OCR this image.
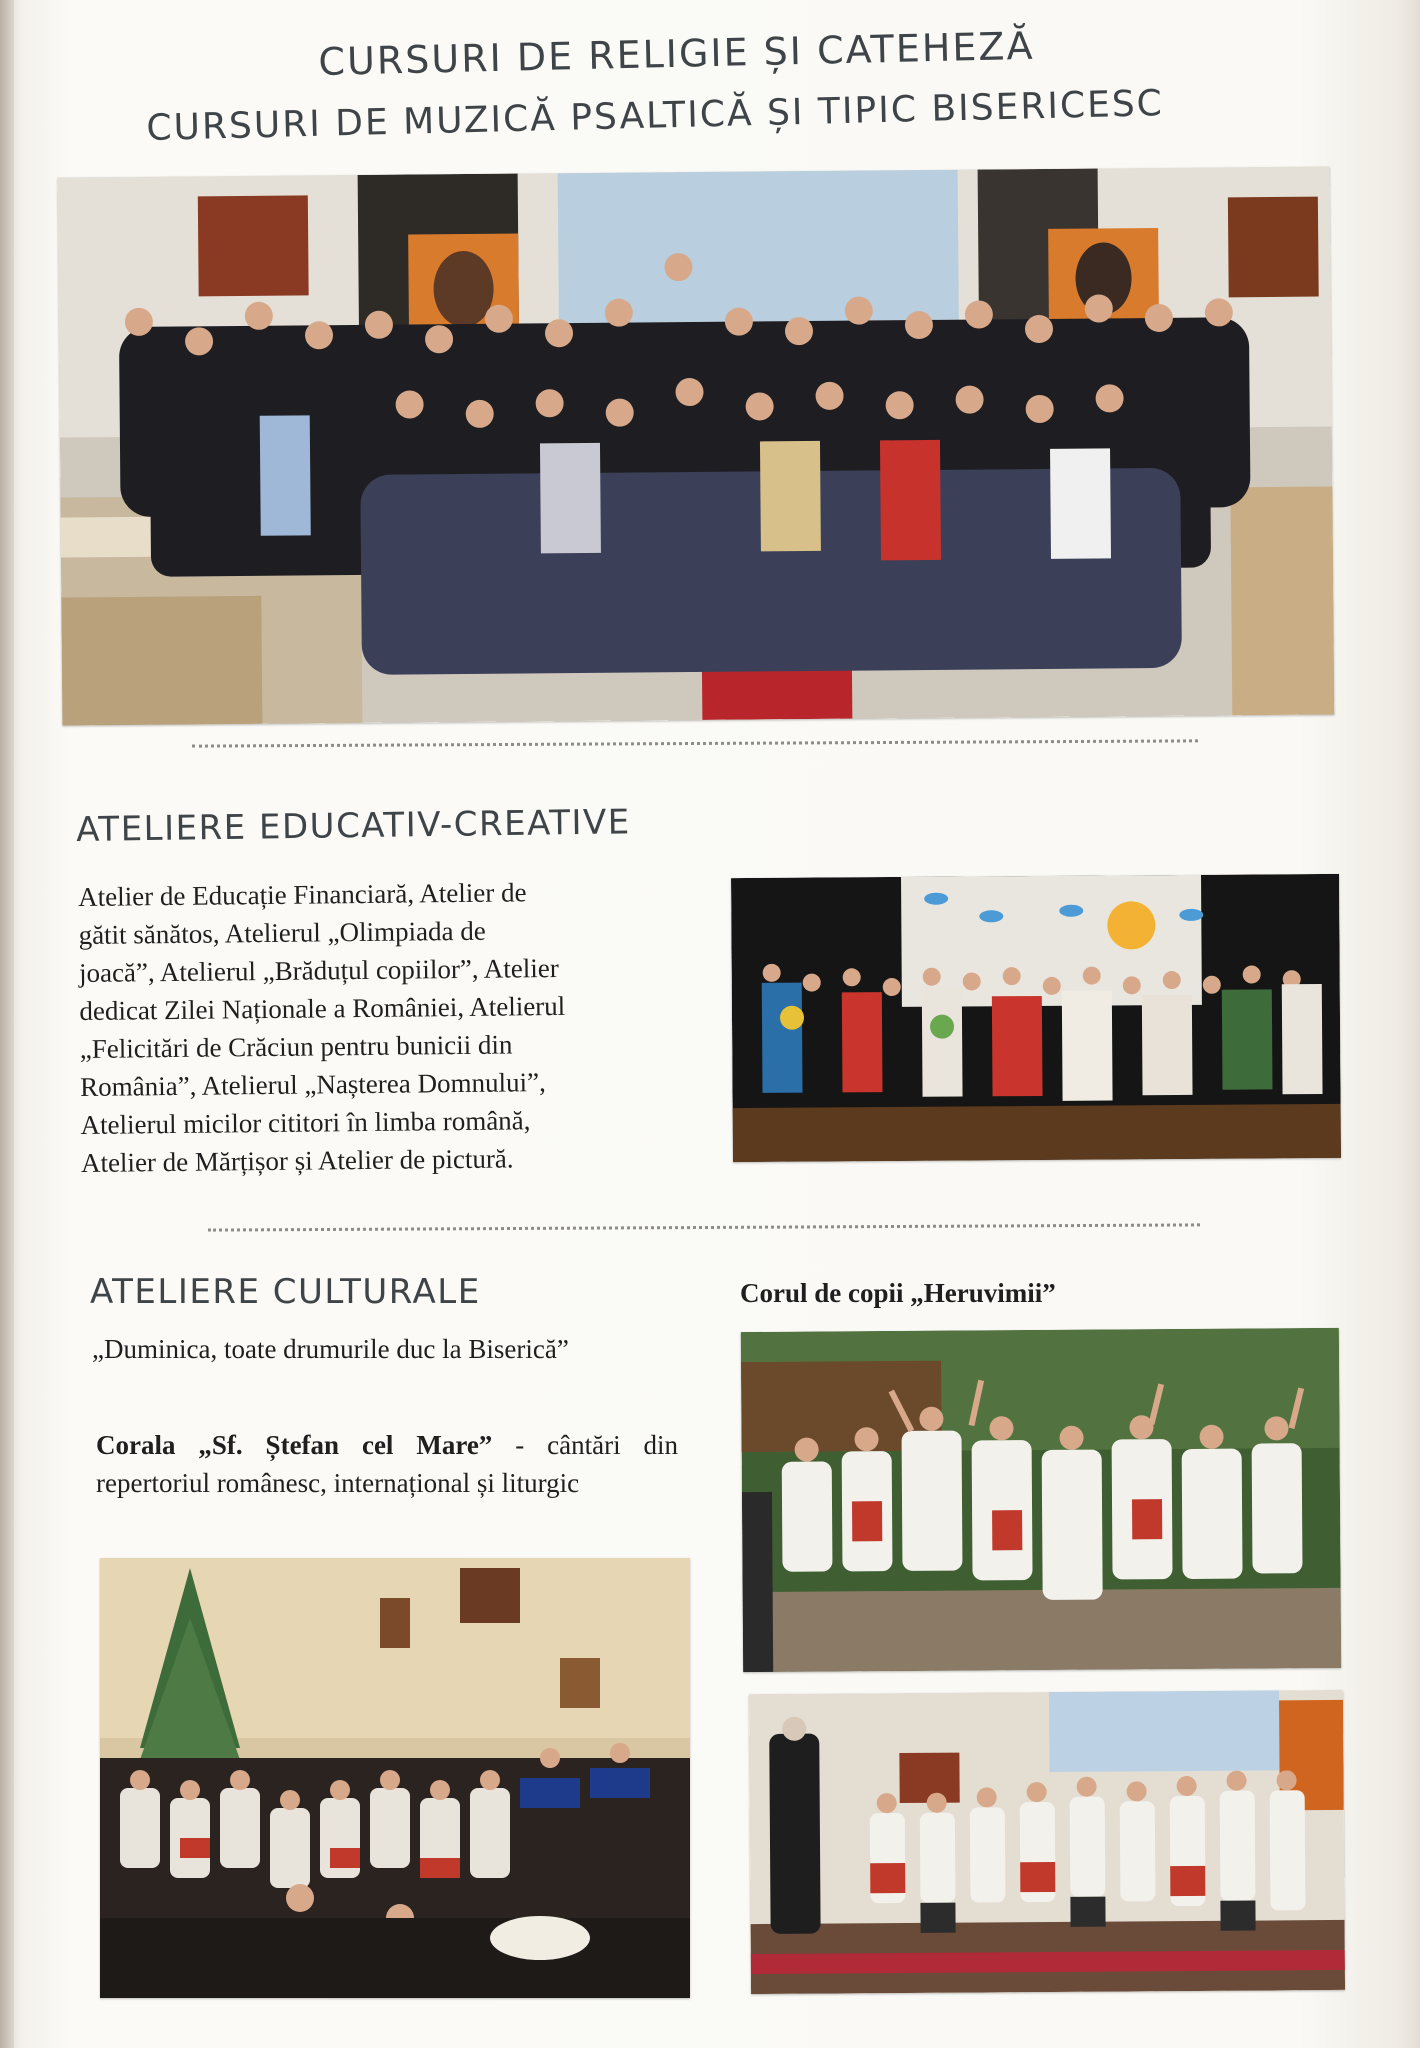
CURSURI DE RELIGIE ȘI CATEHEZĂ
CURSURI DE MUZICĂ PSALTICĂ ȘI TIPIC BISERICESC
ATELIERE EDUCATIV-CREATIVE
Atelier de Educație Financiară, Atelier de
gătit sănătos, Atelierul „Olimpiada de
joacă”, Atelierul „Brăduțul copiilor”, Atelier
dedicat Zilei Naționale a României, Atelierul
„Felicitări de Crăciun pentru bunicii din
România”, Atelierul „Nașterea Domnului”,
Atelierul micilor cititori în limba română,
Atelier de Mărțișor și Atelier de pictură.
ATELIERE CULTURALE	Corul de copii „Heruvimii”
„Duminica, toate drumurile duc la Biserică”
Corala „Sf. Ștefan cel Mare” - cântări din repertoriul românesc, internațional și liturgic
